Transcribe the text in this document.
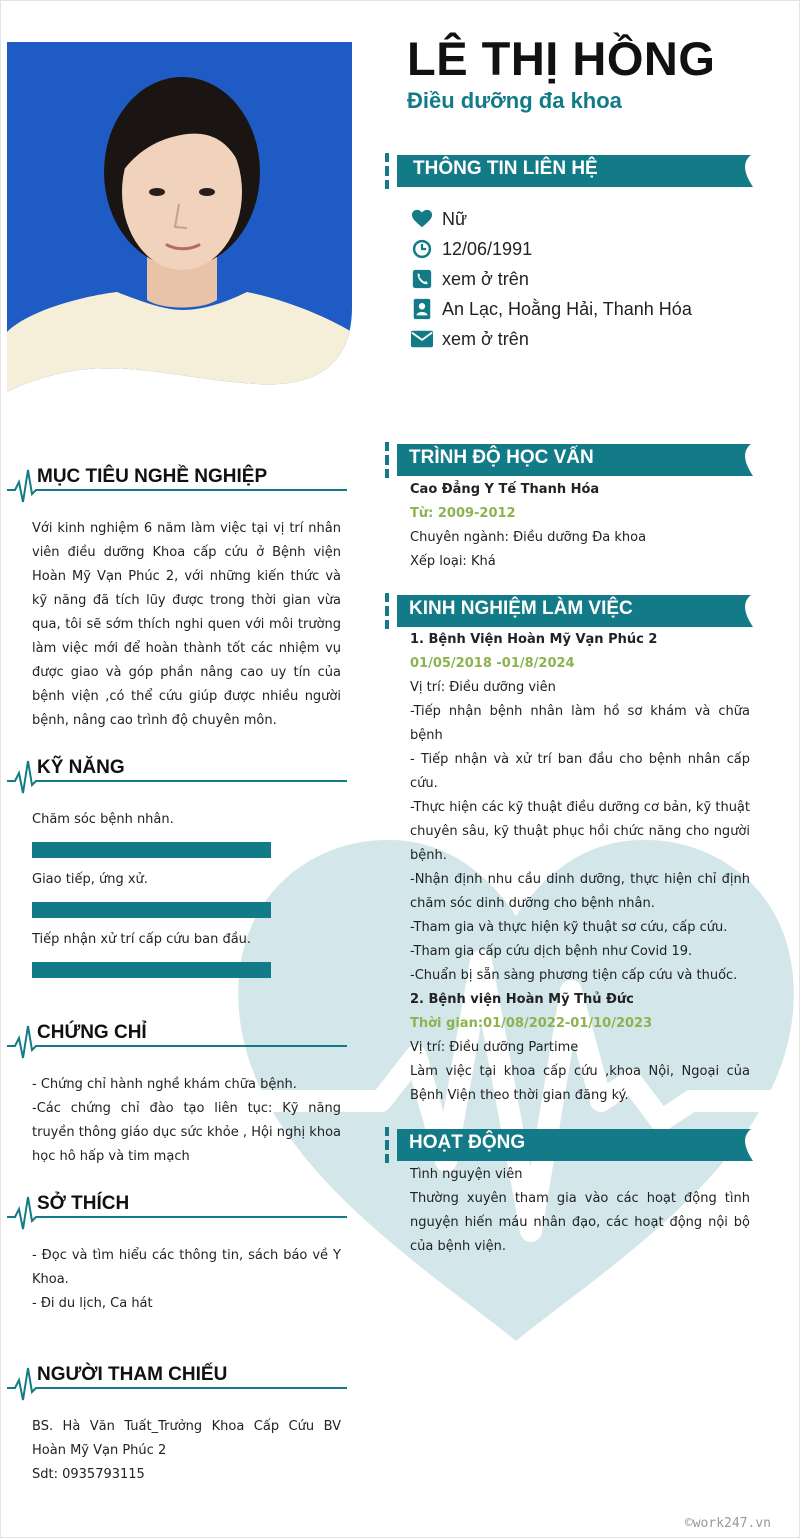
LÊ THỊ HỒNG
Điều dưỡng đa khoa
THÔNG TIN LIÊN HỆ
Nữ
12/06/1991
xem ở trên
An Lạc, Hoằng Hải, Thanh Hóa
xem ở trên
TRÌNH ĐỘ HỌC VẤN
Cao Đẳng Y Tế Thanh Hóa
Từ: 2009-2012
Chuyên ngành: Điều dưỡng Đa khoa
Xếp loại: Khá
KINH NGHIỆM LÀM VIỆC
1. Bệnh Viện Hoàn Mỹ Vạn Phúc 2
01/05/2018 -01/8/2024
Vị trí: Điều dưỡng viên

-Tiếp nhận bệnh nhân làm hồ sơ khám và chữa bệnh

- Tiếp nhận và xử trí ban đầu cho bệnh nhân cấp cứu.

-Thực hiện các kỹ thuật điều dưỡng cơ bản, kỹ thuật chuyên sâu, kỹ thuật phục hồi chức năng cho người bệnh.

-Nhận định nhu cầu dinh dưỡng, thực hiện chỉ định chăm sóc dinh dưỡng cho bệnh nhân.

-Tham gia và thực hiện kỹ thuật sơ cứu, cấp cứu.

-Tham gia cấp cứu dịch bệnh như Covid 19.

-Chuẩn bị sẵn sàng phương tiện cấp cứu và thuốc.

2. Bệnh viện Hoàn Mỹ Thủ Đức
Thời gian:01/08/2022-01/10/2023
Vị trí: Điều dưỡng Partime

Làm việc tại khoa cấp cứu ,khoa Nội, Ngoại của Bệnh Viện theo thời gian đăng ký.

HOẠT ĐỘNG
Tình nguyện viên

Thường xuyên tham gia vào các hoạt động tình nguyện hiến máu nhân đạo, các hoạt động nội bộ của bệnh viện.

MỤC TIÊU NGHỀ NGHIỆP

Với kinh nghiệm 6 năm làm việc tại vị trí nhân viên điều dưỡng Khoa cấp cứu ở Bệnh viện Hoàn Mỹ Vạn Phúc 2, với những kiến thức và kỹ năng đã tích lũy được trong thời gian vừa qua, tôi sẽ sớm thích nghi quen với môi trường làm việc mới để hoàn thành tốt các nhiệm vụ được giao và góp phần nâng cao uy tín của bệnh viện ,có thể cứu giúp được nhiều người bệnh, nâng cao trình độ chuyên môn.

KỸ NĂNG
Chăm sóc bệnh nhân.
Giao tiếp, ứng xử.
Tiếp nhận xử trí cấp cứu ban đầu.
CHỨNG CHỈ

- Chứng chỉ hành nghề khám chữa bệnh.

-Các chứng chỉ đào tạo liên tục: Kỹ năng truyền thông giáo dục sức khỏe , Hội nghị khoa học hô hấp và tim mạch

SỞ THÍCH

- Đọc và tìm hiểu các thông tin, sách báo về Y Khoa.

- Đi du lịch, Ca hát

NGƯỜI THAM CHIẾU

BS. Hà Văn Tuất_Trưởng Khoa Cấp Cứu BV Hoàn Mỹ Vạn Phúc 2

Sdt: 0935793115

©work247.vn
